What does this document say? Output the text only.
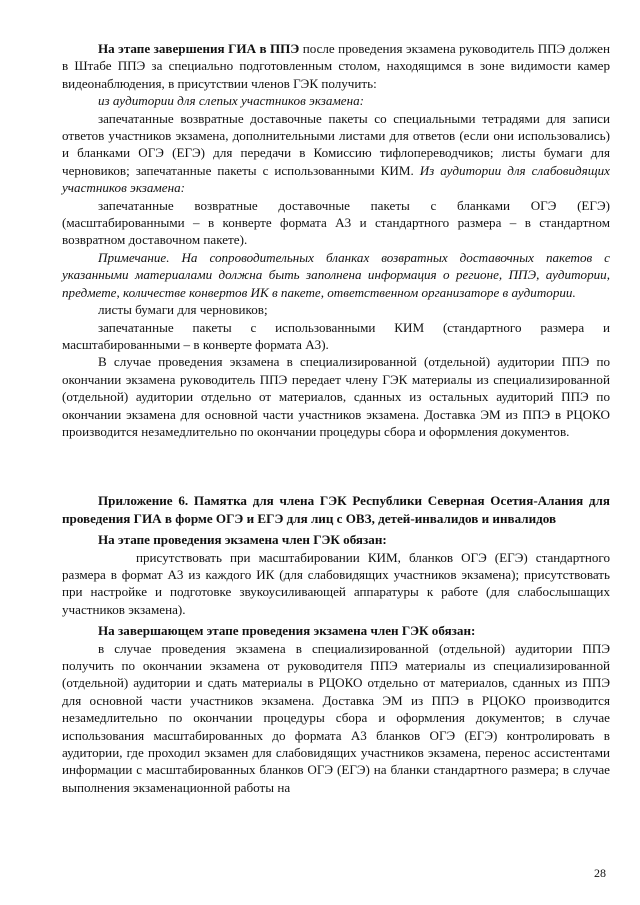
На этапе завершения ГИА в ППЭ после проведения экзамена руководитель ППЭ должен в Штабе ППЭ за специально подготовленным столом, находящимся в зоне видимости камер видеонаблюдения, в присутствии членов ГЭК получить:

из аудитории для слепых участников экзамена:

запечатанные возвратные доставочные пакеты со специальными тетрадями для записи ответов участников экзамена, дополнительными листами для ответов (если они использовались) и бланками ОГЭ (ЕГЭ) для передачи в Комиссию тифлопереводчиков; листы бумаги для черновиков; запечатанные пакеты с использованными КИМ. Из аудитории для слабовидящих участников экзамена:

запечатанные возвратные доставочные пакеты с бланками ОГЭ (ЕГЭ) (масштабированными – в конверте формата А3 и стандартного размера – в стандартном возвратном доставочном пакете).

Примечание. На сопроводительных бланках возвратных доставочных пакетов с указанными материалами должна быть заполнена информация о регионе, ППЭ, аудитории, предмете, количестве конвертов ИК в пакете, ответственном организаторе в аудитории.

листы бумаги для черновиков;

запечатанные пакеты с использованными КИМ (стандартного размера и масштабированными – в конверте формата А3).

В случае проведения экзамена в специализированной (отдельной) аудитории ППЭ по окончании экзамена руководитель ППЭ передает члену ГЭК материалы из специализированной (отдельной) аудитории отдельно от материалов, сданных из остальных аудиторий ППЭ по окончании экзамена для основной части участников экзамена. Доставка ЭМ из ППЭ в РЦОКО производится незамедлительно по окончании процедуры сбора и оформления документов.

Приложение 6. Памятка для члена ГЭК Республики Северная Осетия-Алания для проведения ГИА в форме ОГЭ и ЕГЭ для лиц с ОВЗ, детей-инвалидов и инвалидов

На этапе проведения экзамена член ГЭК обязан:

присутствовать при масштабировании КИМ, бланков ОГЭ (ЕГЭ) стандартного размера в формат А3 из каждого ИК (для слабовидящих участников экзамена); присутствовать при настройке и подготовке звукоусиливающей аппаратуры к работе (для слабослышащих участников экзамена).

На завершающем этапе проведения экзамена член ГЭК обязан:

в случае проведения экзамена в специализированной (отдельной) аудитории ППЭ получить по окончании экзамена от руководителя ППЭ материалы из специализированной (отдельной) аудитории и сдать материалы в РЦОКО отдельно от материалов, сданных из ППЭ для основной части участников экзамена. Доставка ЭМ из ППЭ в РЦОКО производится незамедлительно по окончании процедуры сбора и оформления документов; в случае использования масштабированных до формата А3 бланков ОГЭ (ЕГЭ) контролировать в аудитории, где проходил экзамен для слабовидящих участников экзамена, перенос ассистентами информации с масштабированных бланков ОГЭ (ЕГЭ) на бланки стандартного размера; в случае выполнения экзаменационной работы на

28
